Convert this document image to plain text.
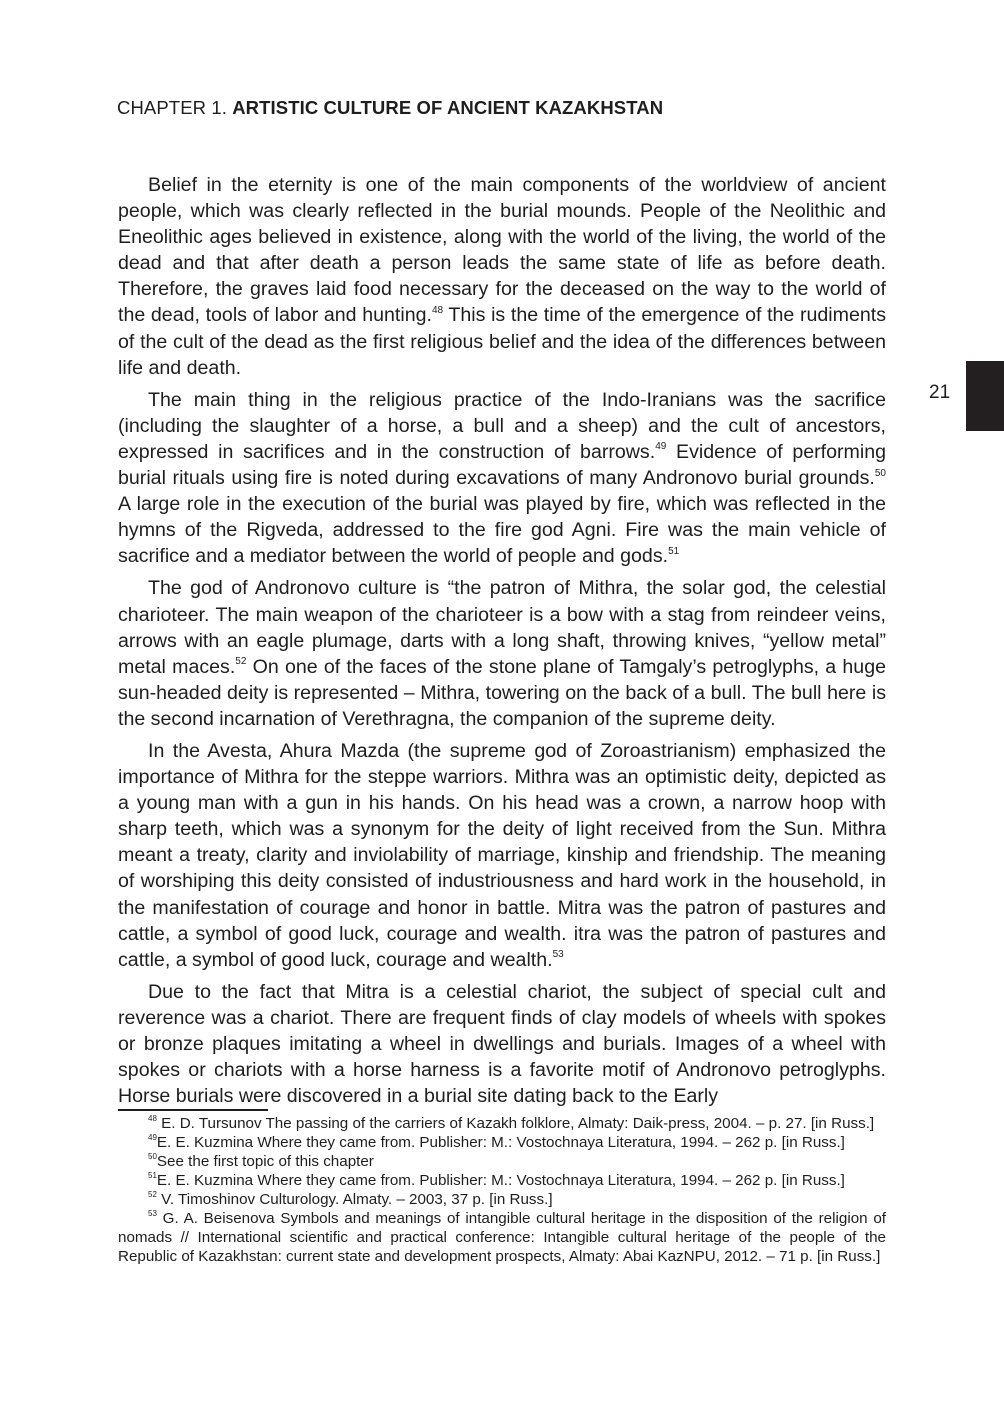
CHAPTER 1. ARTISTIC CULTURE OF ANCIENT KAZAKHSTAN
21

Belief in the eternity is one of the main components of the worldview of ancient people, which was clearly reflected in the burial mounds. People of the Neolithic and Eneolithic ages believed in existence, along with the world of the living, the world of the dead and that after death a person leads the same state of life as before death. Therefore, the graves laid food necessary for the deceased on the way to the world of the dead, tools of labor and hunting.$^{48}$ This is the time of the emergence of the rudiments of the cult of the dead as the first religious belief and the idea of the differences between life and death.

The main thing in the religious practice of the Indo-Iranians was the sacrifice (including the slaughter of a horse, a bull and a sheep) and the cult of ancestors, expressed in sacrifices and in the construction of barrows.$^{49}$ Evidence of performing burial rituals using fire is noted during excavations of many Andronovo burial grounds.$^{50}$ A large role in the execution of the burial was played by fire, which was reflected in the hymns of the Rigveda, addressed to the fire god Agni. Fire was the main vehicle of sacrifice and a mediator between the world of people and gods.$^{51}$

The god of Andronovo culture is “the patron of Mithra, the solar god, the celestial charioteer. The main weapon of the charioteer is a bow with a stag from reindeer veins, arrows with an eagle plumage, darts with a long shaft, throwing knives, “yellow metal” metal maces.$^{52}$ On one of the faces of the stone plane of Tamgaly’s petroglyphs, a huge sun-headed deity is represented – Mithra, towering on the back of a bull. The bull here is the second incarnation of Verethragna, the companion of the supreme deity.

In the Avesta, Ahura Mazda (the supreme god of Zoroastrianism) emphasized the importance of Mithra for the steppe warriors. Mithra was an optimistic deity, depicted as a young man with a gun in his hands. On his head was a crown, a narrow hoop with sharp teeth, which was a synonym for the deity of light received from the Sun. Mithra meant a treaty, clarity and inviolability of marriage, kinship and friendship. The meaning of worshiping this deity consisted of industriousness and hard work in the household, in the manifestation of courage and honor in battle. Mitra was the patron of pastures and cattle, a symbol of good luck, courage and wealth. itra was the patron of pastures and cattle, a symbol of good luck, courage and wealth.$^{53}$

Due to the fact that Mitra is a celestial chariot, the subject of special cult and reverence was a chariot. There are frequent finds of clay models of wheels with spokes or bronze plaques imitating a wheel in dwellings and burials. Images of a wheel with spokes or chariots with a horse harness is a favorite motif of Andronovo petroglyphs. Horse burials were discovered in a burial site dating back to the Early

$^{48}$ E. D. Tursunov The passing of the carriers of Kazakh folklore, Almaty: Daik-press, 2004. – p. 27. [in Russ.]

$^{49}$E. E. Kuzmina Where they came from. Publisher: M.: Vostochnaya Literatura, 1994. – 262 p. [in Russ.]

$^{50}$See the first topic of this chapter

$^{51}$E. E. Kuzmina Where they came from. Publisher: M.: Vostochnaya Literatura, 1994. – 262 p. [in Russ.]

$^{52}$ V. Timoshinov Culturology. Almaty. – 2003, 37 p. [in Russ.]

$^{53}$ G. A. Beisenova Symbols and meanings of intangible cultural heritage in the disposition of the religion of nomads // International scientific and practical conference: Intangible cultural heritage of the people of the Republic of Kazakhstan: current state and development prospects, Almaty: Abai KazNPU, 2012. – 71 p. [in Russ.]
